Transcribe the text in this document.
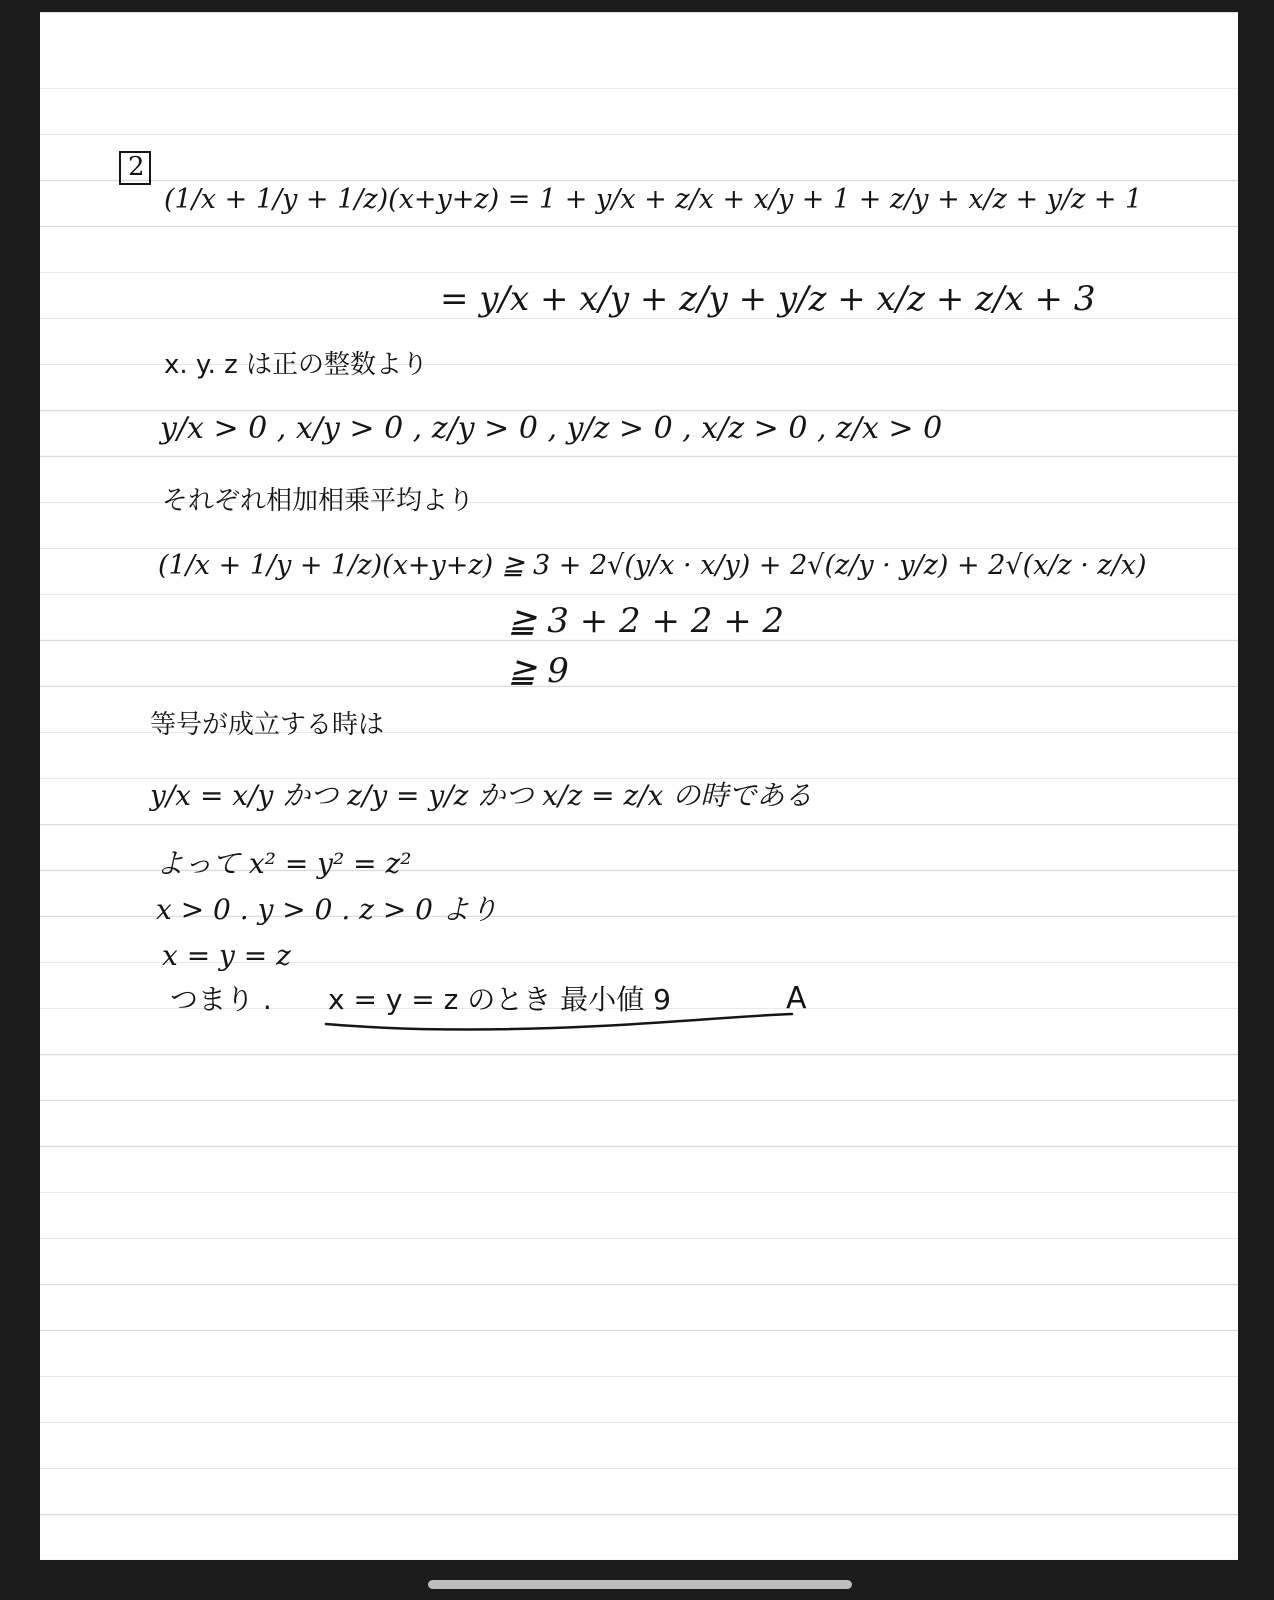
2
(1/x + 1/y + 1/z)(x+y+z) = 1 + y/x + z/x + x/y + 1 + z/y + x/z + y/z + 1
= y/x + x/y + z/y + y/z + x/z + z/x + 3
x. y. z は正の整数より
y/x > 0 , x/y > 0 , z/y > 0 , y/z > 0 , x/z > 0 , z/x > 0
それぞれ相加相乗平均より
(1/x + 1/y + 1/z)(x+y+z) ≧ 3 + 2√(y/x · x/y) + 2√(z/y · y/z) + 2√(x/z · z/x)
≧ 3 + 2 + 2 + 2
≧ 9
等号が成立する時は
y/x = x/y かつ z/y = y/z かつ x/z = z/x の時である
よって x² = y² = z²
x > 0 . y > 0 . z > 0 より
x = y = z
つまり . x = y = z のとき 最小値 9	A
